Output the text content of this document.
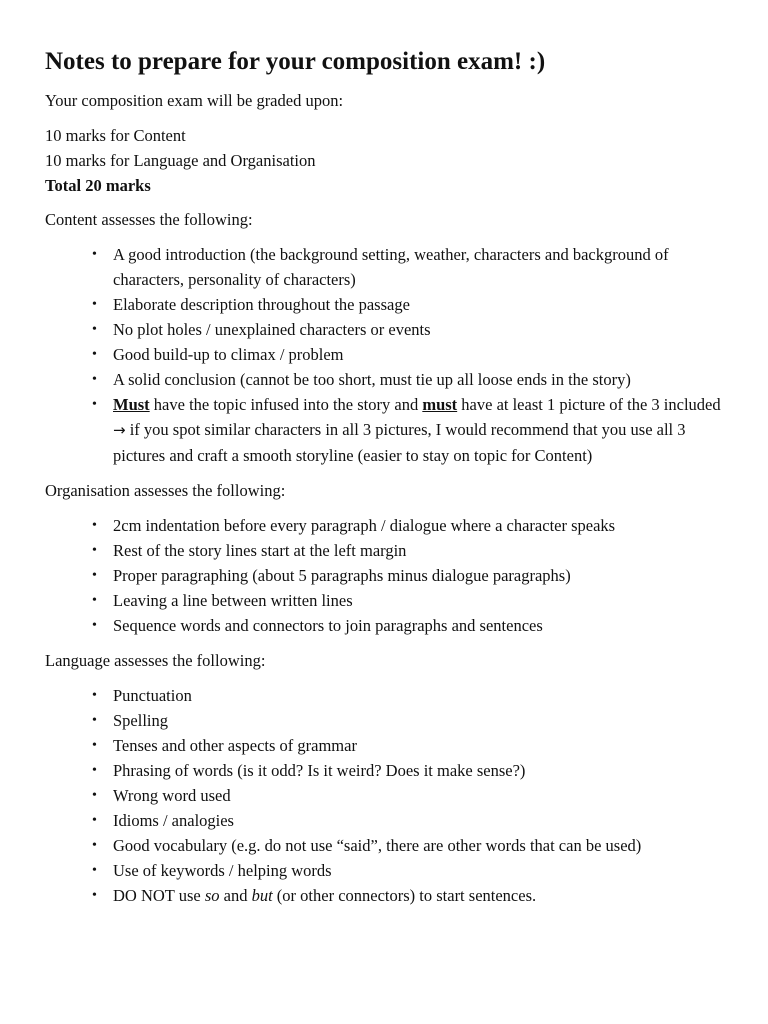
Notes to prepare for your composition exam! :)

Your composition exam will be graded upon:

10 marks for Content

10 marks for Language and Organisation

Total 20 marks

Content assesses the following:

• A good introduction (the background setting, weather, characters and background of characters, personality of characters)
• Elaborate description throughout the passage
• No plot holes / unexplained characters or events
• Good build-up to climax / problem
• A solid conclusion (cannot be too short, must tie up all loose ends in the story)
• Must have the topic infused into the story and must have at least 1 picture of the 3 included → if you spot similar characters in all 3 pictures, I would recommend that you use all 3 pictures and craft a smooth storyline (easier to stay on topic for Content)

Organisation assesses the following:

• 2cm indentation before every paragraph / dialogue where a character speaks
• Rest of the story lines start at the left margin
• Proper paragraphing (about 5 paragraphs minus dialogue paragraphs)
• Leaving a line between written lines
• Sequence words and connectors to join paragraphs and sentences

Language assesses the following:

• Punctuation
• Spelling
• Tenses and other aspects of grammar
• Phrasing of words (is it odd? Is it weird? Does it make sense?)
• Wrong word used
• Idioms / analogies
• Good vocabulary (e.g. do not use “said”, there are other words that can be used)
• Use of keywords / helping words
• DO NOT use so and but (or other connectors) to start sentences.
